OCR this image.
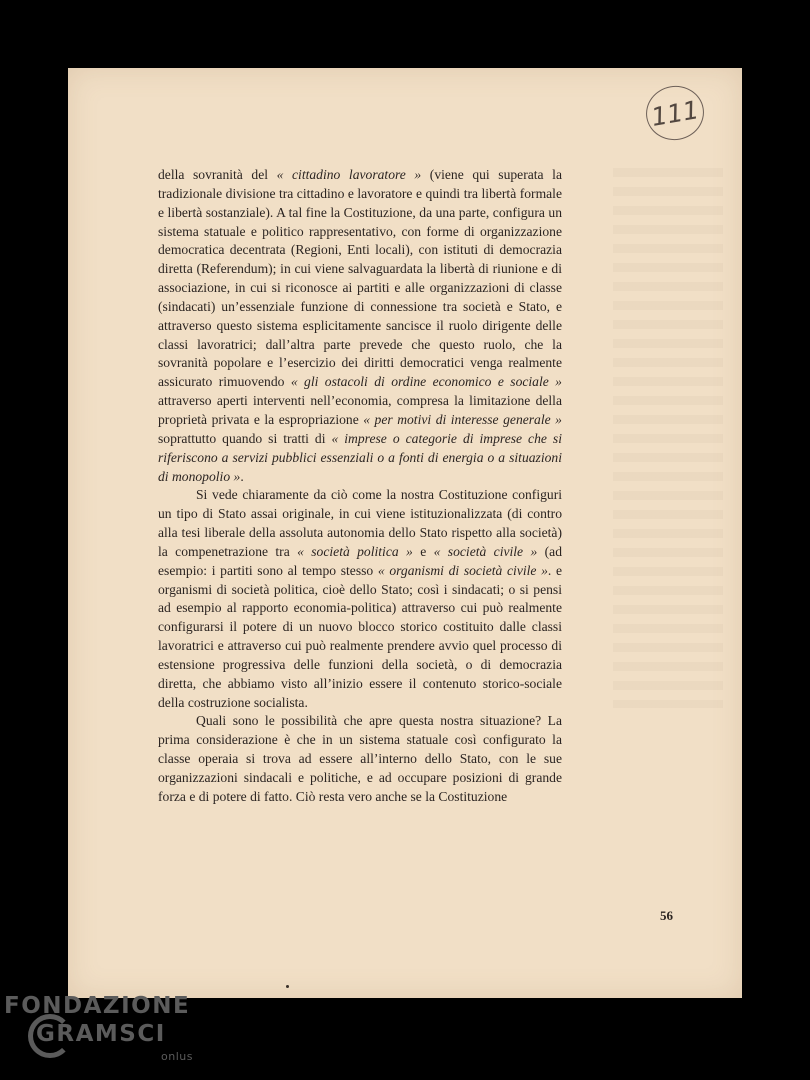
111

della sovranità del « cittadino lavoratore » (viene qui superata la tradizionale divisione tra cittadino e lavoratore e quindi tra libertà formale e libertà sostanziale). A tal fine la Costituzione, da una parte, configura un sistema statuale e politico rappresentativo, con forme di organizzazione democratica decentrata (Regioni, Enti locali), con istituti di democrazia diretta (Referendum); in cui viene salvaguardata la libertà di riunione e di associazione, in cui si riconosce ai partiti e alle organizzazioni di classe (sindacati) un’essenziale funzione di connessione tra società e Stato, e attraverso questo sistema esplicitamente sancisce il ruolo dirigente delle classi lavoratrici; dall’altra parte prevede che questo ruolo, che la sovranità popolare e l’esercizio dei diritti democratici venga realmente assicurato rimuovendo « gli ostacoli di ordine economico e sociale » attraverso aperti interventi nell’economia, compresa la limitazione della proprietà privata e la espropriazione « per motivi di interesse generale » soprattutto quando si tratti di « imprese o categorie di imprese che si riferiscono a servizi pubblici essenziali o a fonti di energia o a situazioni di monopolio ».

Si vede chiaramente da ciò come la nostra Costituzione configuri un tipo di Stato assai originale, in cui viene istituzionalizzata (di contro alla tesi liberale della assoluta autonomia dello Stato rispetto alla società) la compenetrazione tra « società politica » e « società civile » (ad esempio: i partiti sono al tempo stesso « organismi di società civile ». e organismi di società politica, cioè dello Stato; così i sindacati; o si pensi ad esempio al rapporto economia-politica) attraverso cui può realmente configurarsi il potere di un nuovo blocco storico costituito dalle classi lavoratrici e attraverso cui può realmente prendere avvio quel processo di estensione progressiva delle funzioni della società, o di democrazia diretta, che abbiamo visto all’inizio essere il contenuto storico-sociale della costruzione socialista.

Quali sono le possibilità che apre questa nostra situazione? La prima considerazione è che in un sistema statuale così configurato la classe operaia si trova ad essere all’interno dello Stato, con le sue organizzazioni sindacali e politiche, e ad occupare posizioni di grande forza e di potere di fatto. Ciò resta vero anche se la Costituzione

56
FONDAZIONE
GRAMSCI
onlus
